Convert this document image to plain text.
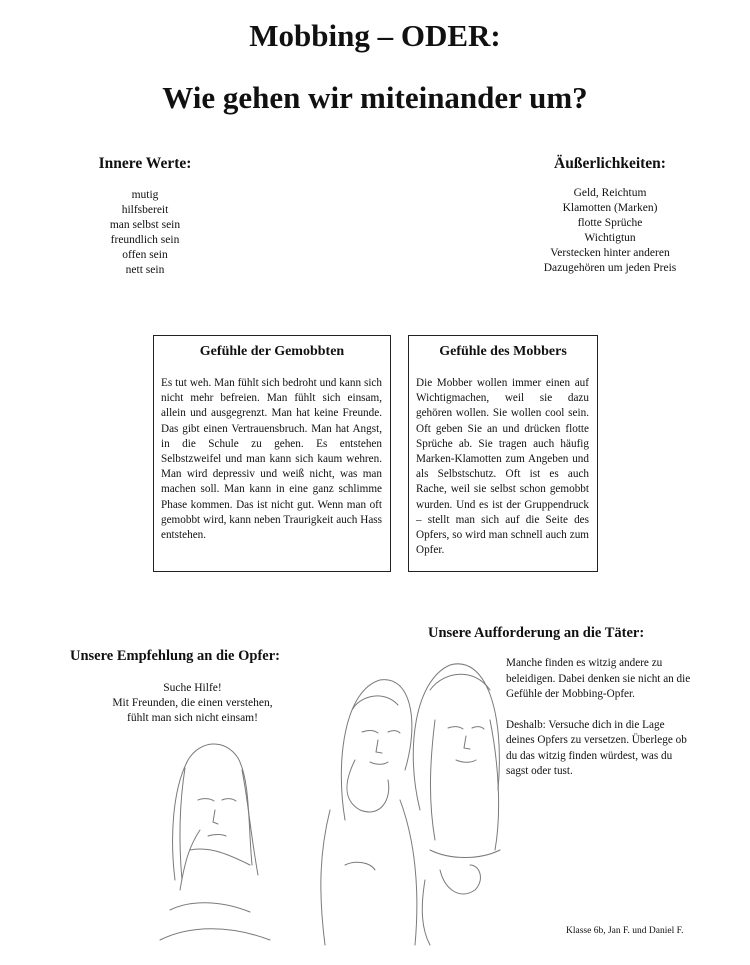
Mobbing – ODER:
Wie gehen wir miteinander um?
Innere Werte:
mutig
hilfsbereit
man selbst sein
freundlich sein
offen sein
nett sein
Äußerlichkeiten:
Geld, Reichtum
Klamotten (Marken)
flotte Sprüche
Wichtigtun
Verstecken hinter anderen
Dazugehören um jeden Preis
Gefühle der Gemobbten
Es tut weh. Man fühlt sich bedroht und kann sich nicht mehr befreien. Man fühlt sich einsam, allein und ausgegrenzt. Man hat keine Freunde. Das gibt einen Vertrauensbruch. Man hat Angst, in die Schule zu gehen. Es entstehen Selbstzweifel und man kann sich kaum wehren. Man wird depressiv und weiß nicht, was man machen soll. Man kann in eine ganz schlimme Phase kommen. Das ist nicht gut. Wenn man oft gemobbt wird, kann neben Traurigkeit auch Hass entstehen.
Gefühle des Mobbers
Die Mobber wollen immer einen auf Wichtigmachen, weil sie dazu gehören wollen. Sie wollen cool sein. Oft geben Sie an und drücken flotte Sprüche ab. Sie tragen auch häufig Marken-Klamotten zum Angeben und als Selbstschutz. Oft ist es auch Rache, weil sie selbst schon gemobbt wurden. Und es ist der Gruppendruck – stellt man sich auf die Seite des Opfers, so wird man schnell auch zum Opfer.
Unsere Empfehlung an die Opfer:
Suche Hilfe!
Mit Freunden, die einen verstehen,
fühlt man sich nicht einsam!
Unsere Aufforderung an die Täter:

Manche finden es witzig andere zu beleidigen. Dabei denken sie nicht an die Gefühle der Mobbing-Opfer.

Deshalb: Versuche dich in die Lage deines Opfers zu versetzen. Überlege ob du das witzig finden würdest, was du sagst oder tust.

Klasse 6b, Jan F. und Daniel F.
